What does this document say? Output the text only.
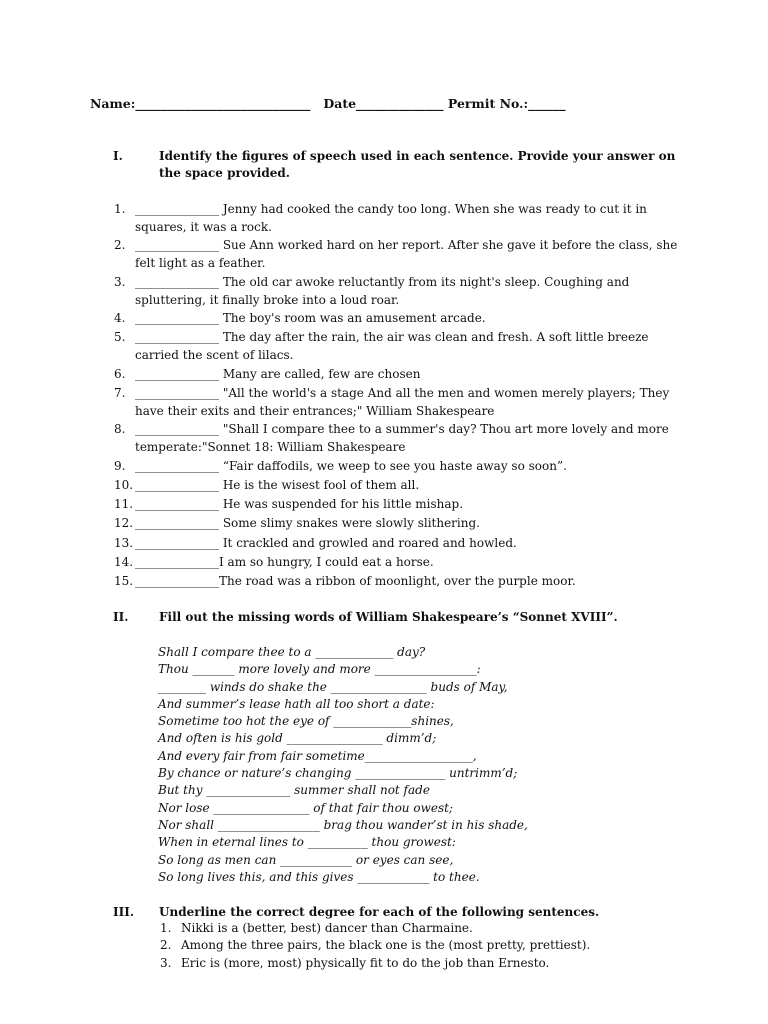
Name:____________________________   Date______________ Permit No.:______
I.	Identify the figures of speech used in each sentence. Provide your answer on the space provided.
1. ______________ Jenny had cooked the candy too long. When she was ready to cut it in squares, it was a rock.
2. ______________ Sue Ann worked hard on her report. After she gave it before the class, she felt light as a feather.
3. ______________ The old car awoke reluctantly from its night's sleep. Coughing and spluttering, it finally broke into a loud roar.
4. ______________ The boy's room was an amusement arcade.
5. ______________ The day after the rain, the air was clean and fresh. A soft little breeze carried the scent of lilacs.
6. ______________ Many are called, few are chosen
7. ______________ "All the world's a stage And all the men and women merely players; They have their exits and their entrances;" William Shakespeare
8. ______________ "Shall I compare thee to a summer's day? Thou art more lovely and more temperate:"Sonnet 18: William Shakespeare
9. ______________ “Fair daffodils, we weep to see you haste away so soon”.
10. ______________ He is the wisest fool of them all.
11. ______________ He was suspended for his little mishap.
12. ______________ Some slimy snakes were slowly slithering.
13. ______________ It crackled and growled and roared and howled.
14. ______________I am so hungry, I could eat a horse.
15. ______________The road was a ribbon of moonlight, over the purple moor.
II.	Fill out the missing words of William Shakespeare’s “Sonnet XVIII”.
Shall I compare thee to a _____________ day?
Thou _______ more lovely and more _________________:
________ winds do shake the ________________ buds of May,
And summer’s lease hath all too short a date:
Sometime too hot the eye of _____________shines,
And often is his gold ________________ dimm’d;
And every fair from fair sometime__________________,
By chance or nature’s changing _______________ untrimm’d;
But thy ______________ summer shall not fade
Nor lose ________________ of that fair thou owest;
Nor shall _________________ brag thou wander’st in his shade,
When in eternal lines to __________ thou growest:
So long as men can ____________ or eyes can see,
So long lives this, and this gives ____________ to thee.
III. Underline the correct degree for each of the following sentences.
1. Nikki is a (better, best) dancer than Charmaine.
2. Among the three pairs, the black one is the (most pretty, prettiest).
3. Eric is (more, most) physically fit to do the job than Ernesto.
